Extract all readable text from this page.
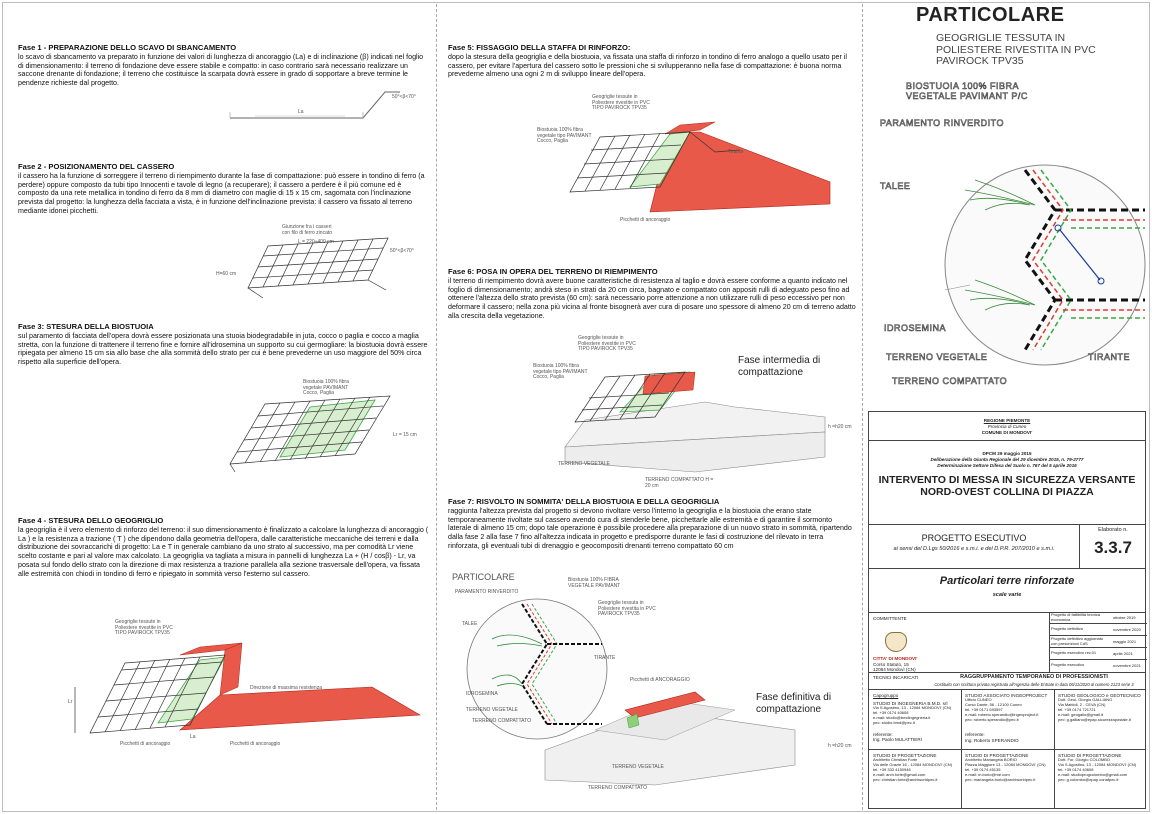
Fase 1 - PREPARAZIONE DELLO SCAVO DI SBANCAMENTO

lo scavo di sbancamento va preparato in funzione dei valori di lunghezza di ancoraggio (La) e di inclinazione (β) indicati nel foglio di dimensionamento: il terreno di fondazione deve essere stabile e compatto: in caso contrario sarà necessario realizzare un saccone drenante di fondazione; il terreno che costituisce la scarpata dovrà essere in grado di sopportare a breve termine le pendenze richieste dal progetto.

Fase 2 - POSIZIONAMENTO DEL CASSERO

il cassero ha la funzione di sorreggere il terreno di riempimento durante la fase di compattazione: può essere in tondino di ferro (a perdere) oppure composto da tubi tipo Innocenti e tavole di legno (a recuperare); il cassero a perdere è il più comune ed è composto da una rete metallica in tondino di ferro da 8 mm di diametro con maglie di 15 x 15 cm, sagomata con l'inclinazione prevista dal progetto: la lunghezza della facciata a vista, è in funzione dell'inclinazione prevista: il cassero va fissato al terreno mediante idonei picchetti.

Fase 3: STESURA DELLA BIOSTUOIA

sul paramento di facciata dell'opera dovrà essere posizionata una stuoia biodegradabile in juta, cocco o paglia e cocco a maglia stretta, con la funzione di trattenere il terreno fine e fornire all'idrosemina un supporto su cui germogliare: la biostuoia dovrà essere ripiegata per almeno 15 cm sia allo base che alla sommità dello strato per cui è bene prevederne un uso maggiore del 50% circa rispetto alla superficie dell'opera.

Fase 4 - STESURA DELLO GEOGRIGLIO

la geogriglia è il vero elemento di rinforzo del terreno: il suo dimensionamento è finalizzato a calcolare la lunghezza di ancoraggio ( La ) e la resistenza a trazione ( T ) che dipendono dalla geometria dell'opera, dalle caratteristiche meccaniche dei terreni e dalla distribuzione dei sovraccarichi di progetto: La e T in generale cambiano da uno strato al successivo, ma per comodità Lr viene scelto costante e pari al valore max calcolato. La geogriglia va tagliata a misura in pannelli di lunghezza La + (H / cosβ) - Lr, va posata sul fondo dello strato con la direzione di max resistenza a trazione parallela alla sezione trasversale dell'opera, va fissata alle estremità con chiodi in tondino di ferro e ripiegato in sommità verso l'esterno sul cassero.

Fase 5: FISSAGGIO DELLA STAFFA DI RINFORZO:

dopo la stesura della geogriglia e della biostuoia, va fissata una staffa di rinforzo in tondino di ferro analogo a quello usato per il cassero, per evitare l'apertura del cassero sotto le pressioni che si svilupperanno nella fase di compattazione: è buona norma prevederne almeno una ogni 2 m di sviluppo lineare dell'opera.

Fase 6: POSA IN OPERA DEL TERRENO DI RIEMPIMENTO

il terreno di riempimento dovrà avere buone caratteristiche di resistenza al taglio e dovrà essere conforme a quanto indicato nel foglio di dimensionamento; andrà steso in strati da 20 cm circa, bagnato e compattato con appositi rulli di adeguato peso fino ad ottenere l'altezza dello strato prevista (60 cm): sarà necessario porre attenzione a non utilizzare rulli di peso eccessivo per non deformare il cassero; nella zona più vicina al fronte bisognerà aver cura di posare uno spessore di almeno 20 cm di terreno adatto alla crescita della vegetazione.

Fase 7: RISVOLTO IN SOMMITA' DELLA BIOSTUOIA E DELLA GEOGRIGLIA

raggiunta l'altezza prevista dal progetto si devono rivoltare verso l'interno la geogriglia e la biostuoia che erano state temporaneamente rivoltate sul cassero avendo cura di stenderle bene, picchettarle alle estremità e di garantire il sormonto laterale di almeno 15 cm; dopo tale operazione è possibile procedere alla preparazione di un nuovo strato in sommità, ripartendo dalla fase 2 alla fase 7 fino all'altezza indicata in progetto e predisporre durante le fasi di costruzione del rilevato in terra rinforzata, gli eventuali tubi di drenaggio e geocompositi drenanti terreno compattato 60 cm

50°<β<70°
La
Giunzione fra i casseri
con filo di ferro zincato
L = 220÷400 cm
50°<β<70°
H=60 cm
Biostuoia 100% fibra
vegetale PAVIMANT
Cocco, Paglia
Lr = 15 cm
Geogriglie tessute in
Poliestere rivestite in PVC
TIPO PAVIROCK TPV35
Direzione di massima resistenza
Picchetti di ancoraggio	Picchetti di ancoraggio
Lr
La
Geogriglie tessute in
Poliestere rivestite in PVC
TIPO PAVIROCK TPV35
Biostuoia 100% fibra
vegetale tipo PAVIMANT
Cocco, Paglia
Tirante
Picchetti di ancoraggio
Geogriglie tessute in
Poliestere rivestite in PVC
TIPO PAVIROCK TPV35
Biostuoia 100% fibra
vegetale tipo PAVIMANT
Cocco, Paglia
Fase intermedia di
compattazione
h =h20 cm
TERRENO VEGETALE
TERRENO COMPATTATO H =
20 cm
PARTICOLARE	Biostuoia 100% FIBRA
VEGETALE PAVIMANT
PARAMENTO RINVERDITO
Geogriglie tessuta in
Poliestere rivestita in PVC
PAVIROCK TPV35
TALEE
TIRANTE
IDROSEMINA
TERRENO VEGETALE
TERRENO COMPATTATO
Picchetti di ANCORAGGIO
Fase definitiva di
compattazione
h =h20 cm
TERRENO VEGETALE
TERRENO COMPATTATO
PARTICOLARE
GEOGRIGLIE TESSUTA IN
POLIESTERE RIVESTITA IN PVC
PAVIROCK TPV35
BIOSTUOIA 100% FIBRA
VEGETALE PAVIMANT P/C
PARAMENTO RINVERDITO
TALEE
IDROSEMINA
TERRENO VEGETALE	TIRANTE
TERRENO COMPATTATO
REGIONE PIEMONTE
Provincia di Cuneo
COMUNE DI MONDOVI'
DPCM 29 maggio 2015
Deliberazione della Giunta Regionale del 29 dicembre 2015, n. 79-2777
Determinazione Settore Difesa del Suolo n. 767 del 5 aprile 2016
INTERVENTO DI MESSA IN SICUREZZA VERSANTE
NORD-OVEST COLLINA DI PIAZZA
PROGETTO ESECUTIVO
ai sensi del D.Lgs 50/2016 e s.m.i. e del D.P.R. 207/2010 e s.m.i.
Elaborato n.
3.3.7
Particolari terre rinforzate
scale varie
COMMITTENTE
CITTA' DI MONDOVI'
Corso Statuto, 15
12084 Mondovì (CN)
Progetto di fattibilità tecnica economica	ottobre 2019
Progetto definitivo	novembre 2020
Progetto definitivo aggiornato con prescrizioni CdS	maggio 2021
Progetto esecutivo rev.01	aprile 2021
Progetto esecutivo	novembre 2021
TECNICI INCARICATI	RAGGRUPPAMENTO TEMPORANEO DI PROFESSIONISTI
Costituito con scrittura privata registrata all'Agenzia delle Entrate in data 06/11/2020 al numero 2123 serie 3
Capogruppo
STUDIO DI INGEGNERIA B.M.D. srl
Via S.Agostino, 13 - 12084 MONDOVI' (CN)
tel. +39 0174 40608
e-mail: studio@bmdingegneria.it
pec: studio.bmd@pec.it
referente:
Ing. Paolo MULATTIERI
STUDIO ASSOCIATO INGEOPROJECT
Ufficio CUNEO
Corso Dante, 56 - 12100 Cuneo
tel. +39 0171 693597
e-mail: roberto.sperandio@ingeoproject.it
pec: roberto.sperandio@pec.it
referente:
Ing. Roberto SPERANDIO
STUDIO GEOLOGICO e GEOTECNICO
Dott. Geol. Giorgio GALLIANO
Via Mattioli, 2 - CEVA (CN)
tel. +39 0174 721721
e-mail: geogallo@gmail.it
pec: g.galliano@epap.sicurezzapostale.it
STUDIO DI PROGETTAZIONE
Architetto Christian Forte
Via delle Grazie 16 - 12084 MONDOVI' (CN)
tel. +39 333 4150946
e-mail: arch.forte@gmail.com
pec: christian.forte@archiworldpec.it
STUDIO DI PROGETTAZIONE
Architetto Mariangela BORIO
Piazza Maggiore 13 - 12084 MONDOVI' (CN)
tel. +39 0174 45135
e-mail: m.borio@me.com
pec: mariangela.borio@archiworldpec.it
STUDIO DI PROGETTAZIONE
Dott. For. Giorgio COLOMBO
Via S.Agostino, 13 - 12084 MONDOVI' (CN)
tel. +39 0174 40608
e-mail: studioprogcolombo@gmail.com
pec: g.colombo@epap.conafpec.it
